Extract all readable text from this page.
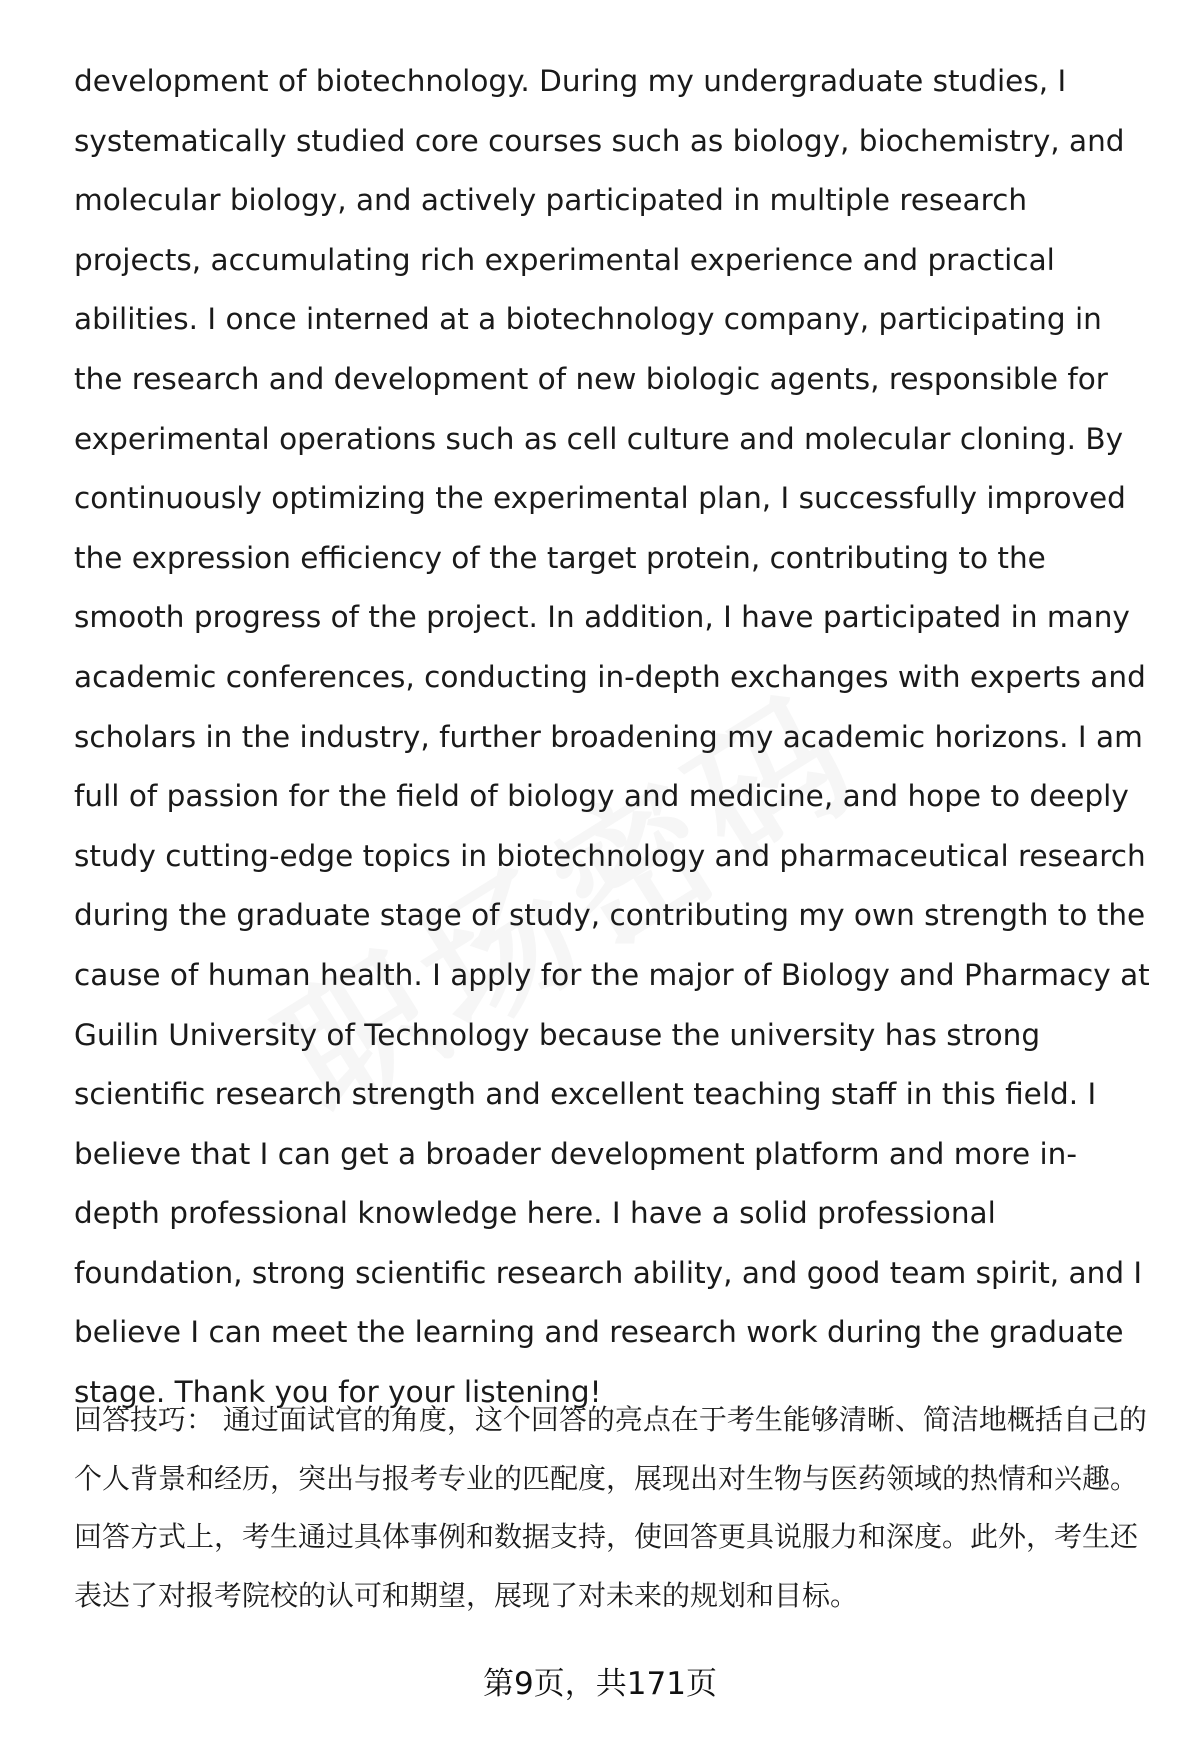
development of biotechnology. During my undergraduate studies, I systematically studied core courses such as biology, biochemistry, and molecular biology, and actively participated in multiple research projects, accumulating rich experimental experience and practical abilities. I once interned at a biotechnology company, participating in the research and development of new biologic agents, responsible for experimental operations such as cell culture and molecular cloning. By continuously optimizing the experimental plan, I successfully improved the expression efficiency of the target protein, contributing to the smooth progress of the project. In addition, I have participated in many academic conferences, conducting in-depth exchanges with experts and scholars in the industry, further broadening my academic horizons. I am full of passion for the field of biology and medicine, and hope to deeply study cutting-edge topics in biotechnology and pharmaceutical research during the graduate stage of study, contributing my own strength to the cause of human health. I apply for the major of Biology and Pharmacy at Guilin University of Technology because the university has strong scientific research strength and excellent teaching staff in this field. I believe that I can get a broader development platform and more in-depth professional knowledge here. I have a solid professional foundation, strong scientific research ability, and good team spirit, and I believe I can meet the learning and research work during the graduate stage. Thank you for your listening!

回答技巧： 通过面试官的角度，这个回答的亮点在于考生能够清晰、简洁地概括自己的个人背景和经历，突出与报考专业的匹配度，展现出对生物与医药领域的热情和兴趣。回答方式上，考生通过具体事例和数据支持，使回答更具说服力和深度。此外，考生还表达了对报考院校的认可和期望，展现了对未来的规划和目标。

第9页，共171页
